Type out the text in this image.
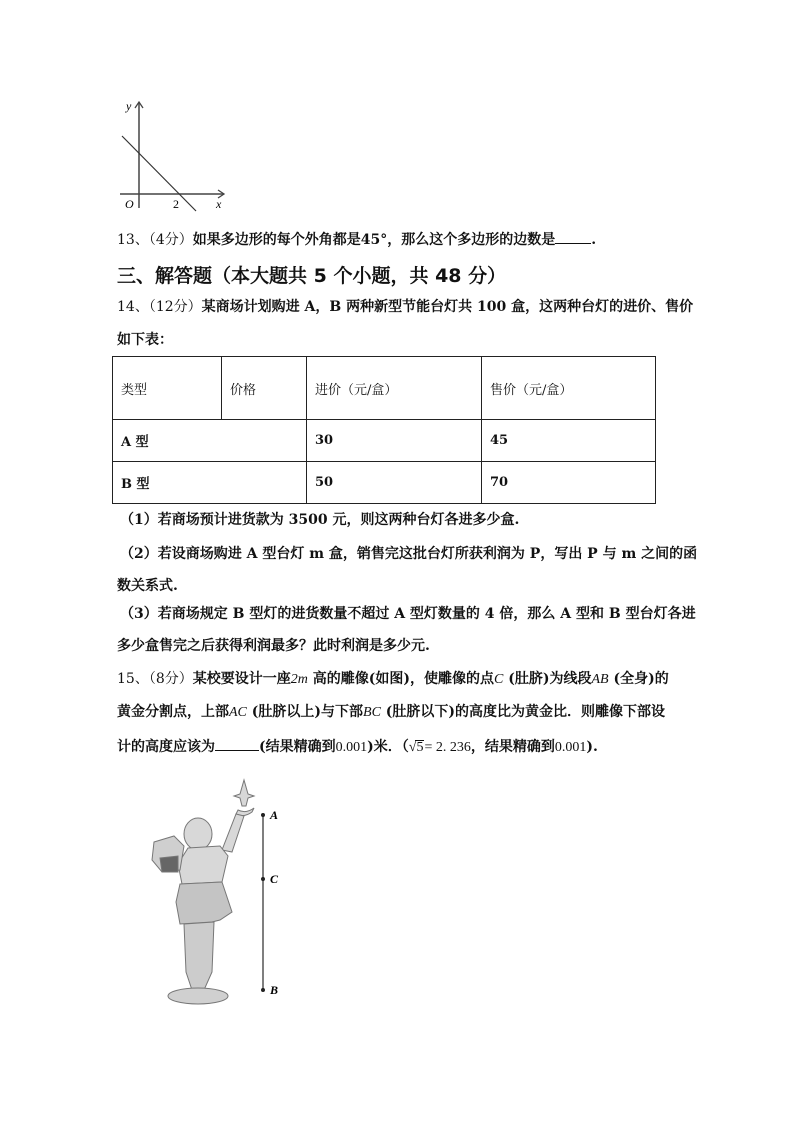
y
x
O	2
13、（4分）如果多边形的每个外角都是45°，那么这个多边形的边数是	.
三、解答题（本大题共 5 个小题，共 48 分）
14、（12分）某商场计划购进 A，B 两种新型节能台灯共 100 盒，这两种台灯的进价、售价
如下表：
类型	价格	进价（元/盒）	售价（元/盒）
A 型		30	45
B 型		50	70
（1）若商场预计进货款为 3500 元，则这两种台灯各进多少盒.
（2）若设商场购进 A 型台灯 m 盒，销售完这批台灯所获利润为 P，写出 P 与 m 之间的函
数关系式.
（3）若商场规定 B 型灯的进货数量不超过 A 型灯数量的 4 倍，那么 A 型和 B 型台灯各进
多少盒售完之后获得利润最多？此时利润是多少元.
15、（8分）某校要设计一座2m 高的雕像(如图)，使雕像的点C (肚脐)为线段AB (全身)的
黄金分割点，上部AC (肚脐以上)与下部BC (肚脐以下)的高度比为黄金比．则雕像下部设
计的高度应该为	(结果精确到0.001)米．（√5= 2. 236，结果精确到0.001).
A
C
B
